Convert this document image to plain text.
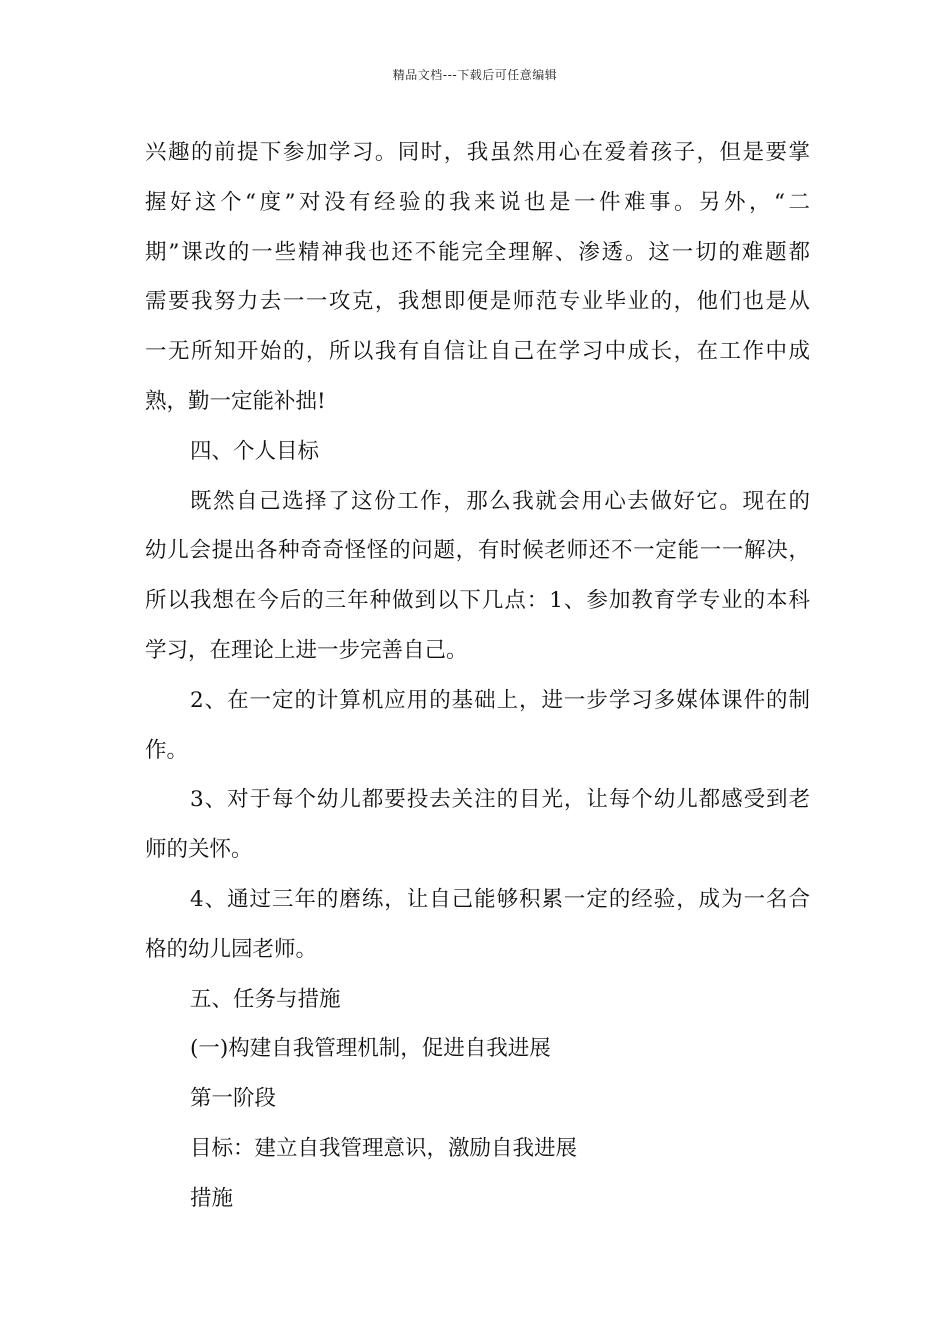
精品文档---下载后可任意编辑
兴趣的前提下参加学习。同时，我虽然用心在爱着孩子，但是要掌
握好这个“度”对没有经验的我来说也是一件难事。另外，“二
期”课改的一些精神我也还不能完全理解、渗透。这一切的难题都
需要我努力去一一攻克，我想即便是师范专业毕业的，他们也是从
一无所知开始的，所以我有自信让自己在学习中成长，在工作中成
熟，勤一定能补拙!
四、个人目标
既然自己选择了这份工作，那么我就会用心去做好它。现在的
幼儿会提出各种奇奇怪怪的问题，有时候老师还不一定能一一解决，
所以我想在今后的三年种做到以下几点：1、参加教育学专业的本科
学习，在理论上进一步完善自己。
2、在一定的计算机应用的基础上，进一步学习多媒体课件的制
作。
3、对于每个幼儿都要投去关注的目光，让每个幼儿都感受到老
师的关怀。
4、通过三年的磨练，让自己能够积累一定的经验，成为一名合
格的幼儿园老师。
五、任务与措施
(一)构建自我管理机制，促进自我进展
第一阶段
目标：建立自我管理意识，激励自我进展
措施
